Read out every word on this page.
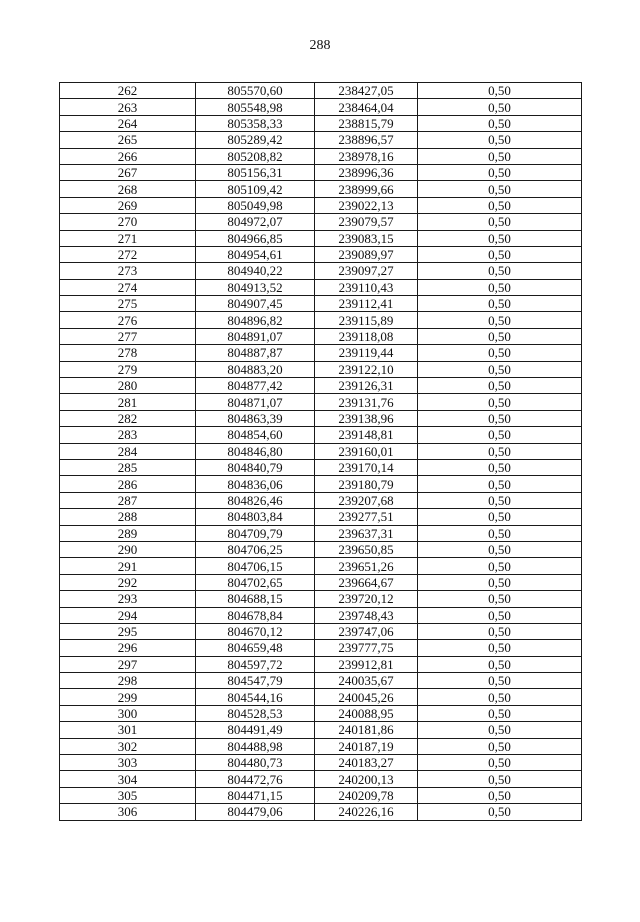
288
262	805570,60	238427,05	0,50
263	805548,98	238464,04	0,50
264	805358,33	238815,79	0,50
265	805289,42	238896,57	0,50
266	805208,82	238978,16	0,50
267	805156,31	238996,36	0,50
268	805109,42	238999,66	0,50
269	805049,98	239022,13	0,50
270	804972,07	239079,57	0,50
271	804966,85	239083,15	0,50
272	804954,61	239089,97	0,50
273	804940,22	239097,27	0,50
274	804913,52	239110,43	0,50
275	804907,45	239112,41	0,50
276	804896,82	239115,89	0,50
277	804891,07	239118,08	0,50
278	804887,87	239119,44	0,50
279	804883,20	239122,10	0,50
280	804877,42	239126,31	0,50
281	804871,07	239131,76	0,50
282	804863,39	239138,96	0,50
283	804854,60	239148,81	0,50
284	804846,80	239160,01	0,50
285	804840,79	239170,14	0,50
286	804836,06	239180,79	0,50
287	804826,46	239207,68	0,50
288	804803,84	239277,51	0,50
289	804709,79	239637,31	0,50
290	804706,25	239650,85	0,50
291	804706,15	239651,26	0,50
292	804702,65	239664,67	0,50
293	804688,15	239720,12	0,50
294	804678,84	239748,43	0,50
295	804670,12	239747,06	0,50
296	804659,48	239777,75	0,50
297	804597,72	239912,81	0,50
298	804547,79	240035,67	0,50
299	804544,16	240045,26	0,50
300	804528,53	240088,95	0,50
301	804491,49	240181,86	0,50
302	804488,98	240187,19	0,50
303	804480,73	240183,27	0,50
304	804472,76	240200,13	0,50
305	804471,15	240209,78	0,50
306	804479,06	240226,16	0,50
